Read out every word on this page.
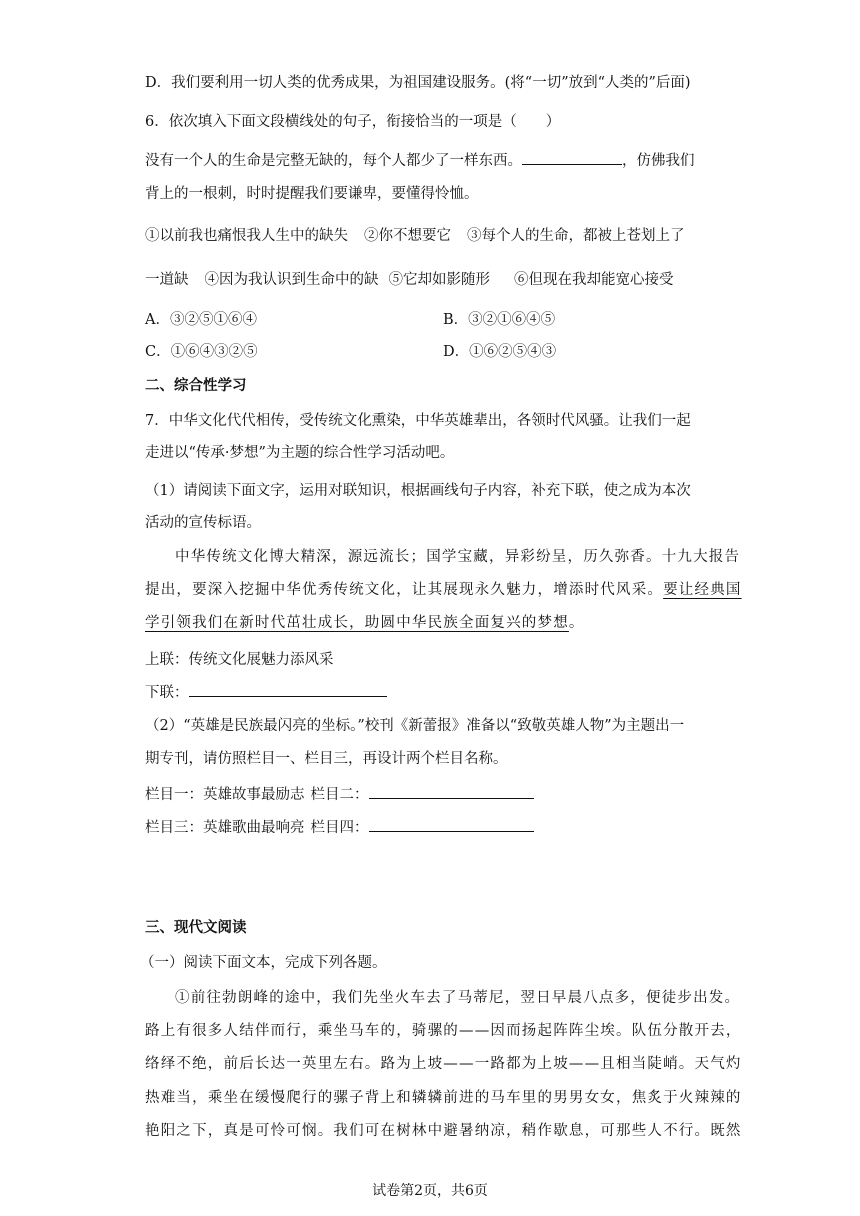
D．我们要利用一切人类的优秀成果，为祖国建设服务。(将“一切”放到“人类的”后面)
6．依次填入下面文段横线处的句子，衔接恰当的一项是（　　）
没有一个人的生命是完整无缺的，每个人都少了一样东西。	，仿佛我们
背上的一根刺，时时提醒我们要谦卑，要懂得怜恤。
①以前我也痛恨我人生中的缺失 ②你不想要它 ③每个人的生命，都被上苍划上了
一道缺 ④因为我认识到生命中的缺 ⑤它却如影随形 ⑥但现在我却能宽心接受
A．③②⑤①⑥④	B．③②①⑥④⑤
C．①⑥④③②⑤	D．①⑥②⑤④③
二、综合性学习
7．中华文化代代相传，受传统文化熏染，中华英雄辈出，各领时代风骚。让我们一起
走进以“传承·梦想”为主题的综合性学习活动吧。
（1）请阅读下面文字，运用对联知识，根据画线句子内容，补充下联，使之成为本次
活动的宣传标语。
中华传统文化博大精深，源远流长；国学宝藏，异彩纷呈，历久弥香。十九大报告
提出，要深入挖掘中华优秀传统文化，让其展现永久魅力，增添时代风采。要让经典国
学引领我们在新时代茁壮成长，助圆中华民族全面复兴的梦想。
上联：传统文化展魅力添风采
下联：
（2）“英雄是民族最闪亮的坐标。”校刊《新蕾报》准备以“致敬英雄人物”为主题出一
期专刊，请仿照栏目一、栏目三，再设计两个栏目名称。
栏目一：英雄故事最励志 栏目二：
栏目三：英雄歌曲最响亮 栏目四：
三、现代文阅读
（一）阅读下面文本，完成下列各题。
①前往勃朗峰的途中，我们先坐火车去了马蒂尼，翌日早晨八点多，便徒步出发。
路上有很多人结伴而行，乘坐马车的，骑骡的——因而扬起阵阵尘埃。队伍分散开去，
络绎不绝，前后长达一英里左右。路为上坡——一路都为上坡——且相当陡峭。天气灼
热难当，乘坐在缓慢爬行的骡子背上和辚辚前进的马车里的男男女女，焦炙于火辣辣的
艳阳之下，真是可怜可悯。我们可在树林中避暑纳凉，稍作歇息，可那些人不行。既然
试卷第2页，共6页
